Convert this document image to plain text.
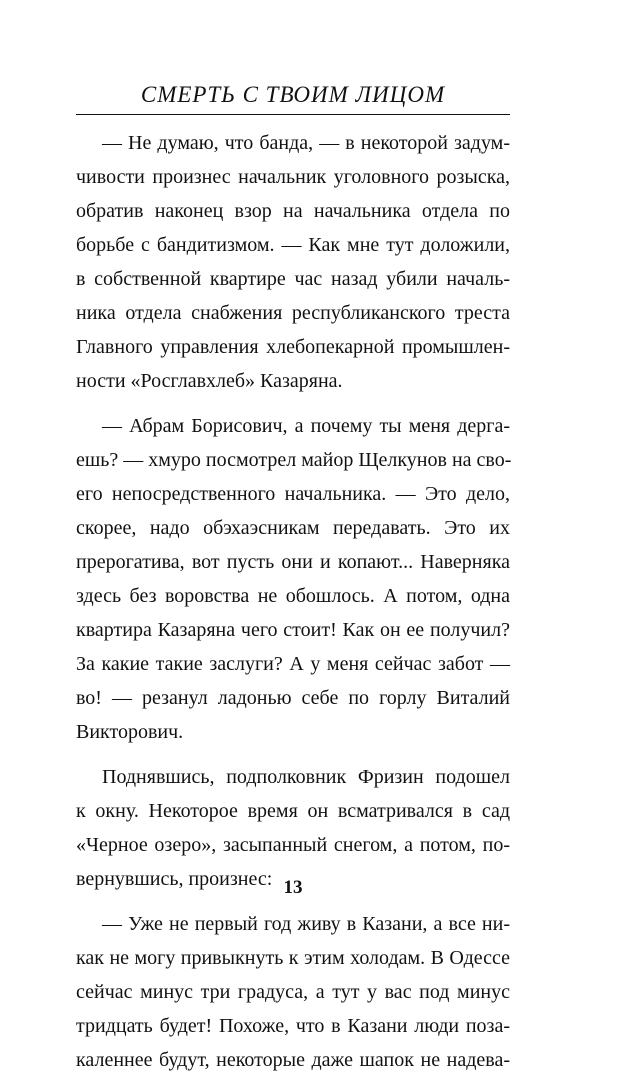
СМЕРТЬ С ТВОИМ ЛИЦОМ
— Не думаю, что банда, — в некоторой задум-
чивости произнес начальник уголовного розыска,
обратив наконец взор на начальника отдела по
борьбе с бандитизмом. — Как мне тут доложили,
в собственной квартире час назад убили началь-
ника отдела снабжения республиканского треста
Главного управления хлебопекарной промышлен-
ности «Росглавхлеб» Казаряна.
— Абрам Борисович, а почему ты меня дерга-
ешь? — хмуро посмотрел майор Щелкунов на сво-
его непосредственного начальника. — Это дело,
скорее, надо обэхаэсникам передавать. Это их
прерогатива, вот пусть они и копают... Наверняка
здесь без воровства не обошлось. А потом, одна
квартира Казаряна чего стоит! Как он ее получил?
За какие такие заслуги? А у меня сейчас забот —
во! — резанул ладонью себе по горлу Виталий
Викторович.
Поднявшись, подполковник Фризин подошел
к окну. Некоторое время он всматривался в сад
«Черное озеро», засыпанный снегом, а потом, по-
вернувшись, произнес:
— Уже не первый год живу в Казани, а все ни-
как не могу привыкнуть к этим холодам. В Одессе
сейчас минус три градуса, а тут у вас под минус
тридцать будет! Похоже, что в Казани люди поза-
каленнее будут, некоторые даже шапок не надева-
13
